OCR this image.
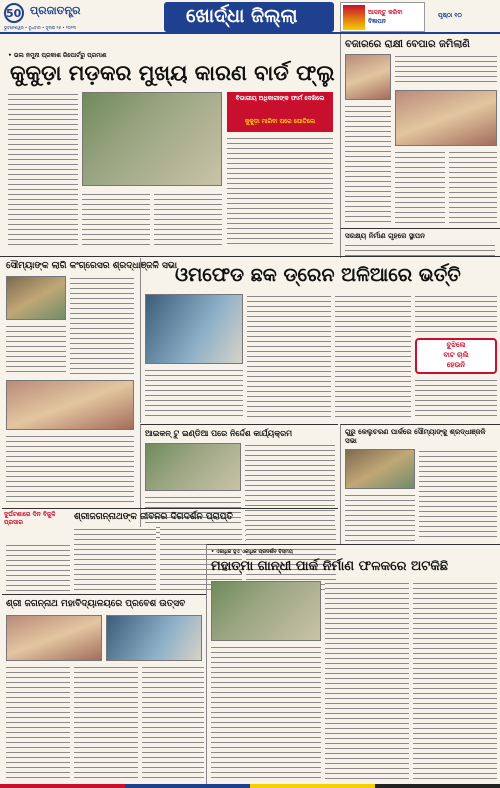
50 ପ୍ରଜାତନ୍ତ୍ର
ଭୁବନେଶ୍ୱର • ବୁଧବାର • ଜୁଲାଇ ୨୬ • ୨୦୨୩
ଖୋର୍ଦ୍ଧା ଜିଲ୍ଲା	ଆସନ୍ତୁ କରିବା
ବିଜ୍ଞାପନ
ପୃଷ୍ଠା ୧୦
• ଭଲ ନମୁନା ପ୍ରକାଶ ରିପୋର୍ଟରୁ ପ୍ରମାଣ
କୁକୁଡ଼ା ମଡ଼କର ମୁଖ୍ୟ କାରଣ ବାର୍ଡ ଫ୍ଲୁ
ବିଭାଗୀୟ ଅଧିକାରୀଙ୍କ ଫାର୍ମ ଦେଖିଲେ
କୁକୁଡ଼ା ମାରିବା ପରେ ପୋତିଲେ
ବଜାରରେ ରାକ୍ଷୀ ବେପାର ଜମିଲାଣି
ସରକ୍ଷ୍ୟ ନିର୍ମାଣ ଗୃହରେ ସ୍ଥାପନ
ସୌମ୍ୟାଙ୍କ ଲାଗି କଂଗ୍ରେସର ଶ୍ରଦ୍ଧାଞ୍ଜଳି ସଭା
ଓମଫେଡ ଛକ ଡ୍ରେନ ଅଳିଆରେ ଭର୍ତ୍ତି
ବୁଝିଲେ
ବାଟ ଚାଲି
ହେଉନି
ଆଇକନ୍ ଟୁ ଇଣ୍ଡିଆ ପରେ ନିର୍ଦ୍ଦେଶ କାର୍ଯ୍ୟକ୍ରମ	ଗୁରୁ କେଲୁଚରଣ ପାର୍କରେ ସୌମ୍ୟାଙ୍କୁ ଶ୍ରଦ୍ଧାଞ୍ଜଳି ସଭା
ଶ୍ରୀଜଗନ୍ନାଥଙ୍କ ଜୀବନର ଦିଗଦର୍ଶନ ପ୍ରାପ୍ତି
ଦୁର୍ଘଟଣାରେ ଦିନ ବିଜୁଳି ପ୍ରସାର
• ଏକାଧିକ ହୁଏ ଏକାଧିକ ପ୍ରଦର୍ଶନ ବିସ୍ମୟ
ମହାତ୍ମା ଗାନ୍ଧୀ ପାର୍କ ନିର୍ମାଣ ଫଳକରେ ଅଟକିଛି
ଶ୍ରୀ ଜଗନ୍ନାଥ ମହାବିଦ୍ୟାଳୟରେ ପ୍ରବେଶ ଉତ୍ସବ
